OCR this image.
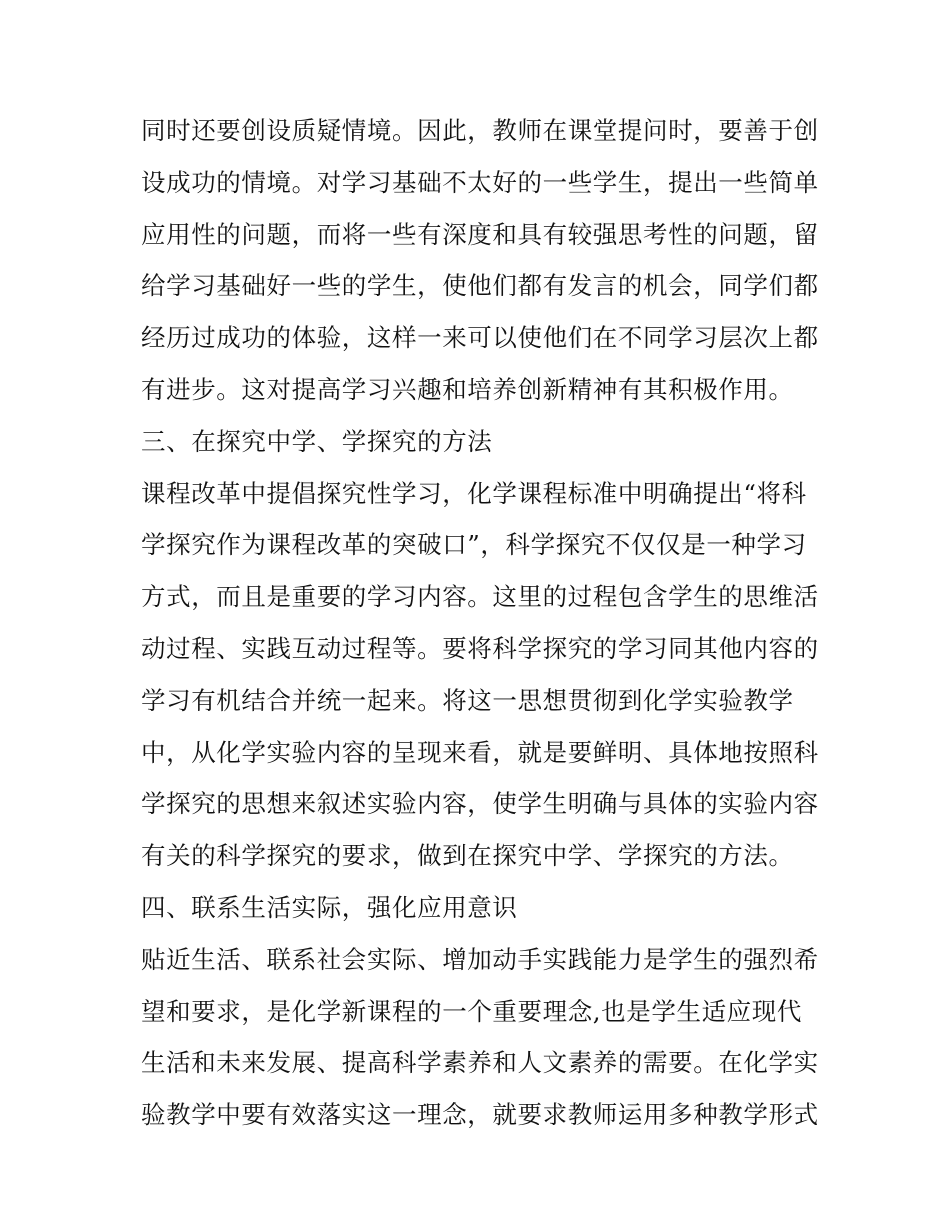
同时还要创设质疑情境。因此，教师在课堂提问时，要善于创
设成功的情境。对学习基础不太好的一些学生，提出一些简单
应用性的问题，而将一些有深度和具有较强思考性的问题，留
给学习基础好一些的学生，使他们都有发言的机会，同学们都
经历过成功的体验，这样一来可以使他们在不同学习层次上都
有进步。这对提高学习兴趣和培养创新精神有其积极作用。
三、在探究中学、学探究的方法
课程改革中提倡探究性学习，化学课程标准中明确提出“将科
学探究作为课程改革的突破口”，科学探究不仅仅是一种学习
方式，而且是重要的学习内容。这里的过程包含学生的思维活
动过程、实践互动过程等。要将科学探究的学习同其他内容的
学习有机结合并统一起来。将这一思想贯彻到化学实验教学
中，从化学实验内容的呈现来看，就是要鲜明、具体地按照科
学探究的思想来叙述实验内容，使学生明确与具体的实验内容
有关的科学探究的要求，做到在探究中学、学探究的方法。
四、联系生活实际，强化应用意识
贴近生活、联系社会实际、增加动手实践能力是学生的强烈希
望和要求，是化学新课程的一个重要理念,也是学生适应现代
生活和未来发展、提高科学素养和人文素养的需要。在化学实
验教学中要有效落实这一理念，就要求教师运用多种教学形式
